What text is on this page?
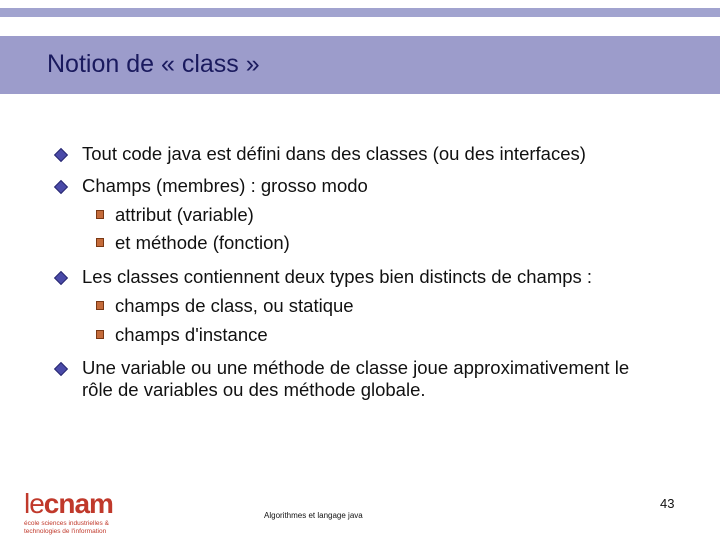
Notion de « class »
Tout code java est défini dans des classes (ou des interfaces)
Champs (membres) : grosso modo
attribut (variable)
et méthode (fonction)
Les classes contiennent deux types bien distincts de champs :
champs de class, ou statique
champs d'instance
Une variable ou une méthode de classe joue approximativement le
rôle de variables ou des méthode globale.
lecnam
école sciences industrielles &
technologies de l'information
Algorithmes et langage java
43
